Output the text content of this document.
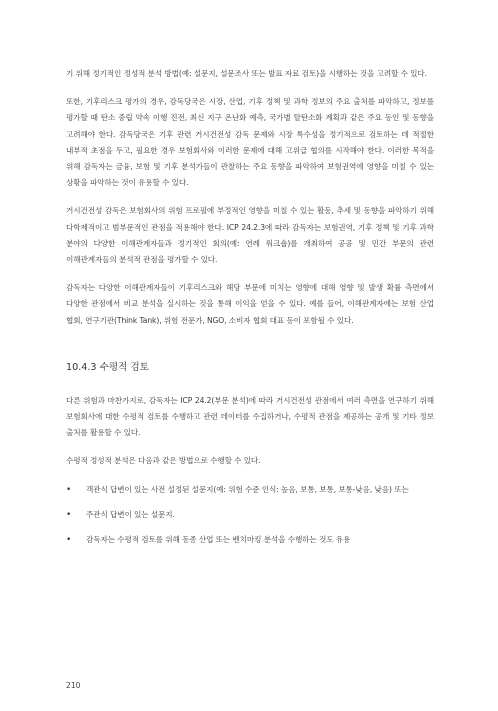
기 위해 정기적인 정성적 분석 방법(예: 설문지, 설문조사 또는 발표 자료 검토)을 시행하는 것을 고려할 수 있다.

또한, 기후리스크 평가의 경우, 감독당국은 시장, 산업, 기후 정책 및 과학 정보의 주요 출처를 파악하고, 정보를 평가할 때 탄소 중립 약속 이행 진전, 최신 지구 온난화 예측, 국가별 탈탄소화 계획과 같은 주요 동인 및 동향을 고려해야 한다. 감독당국은 기후 관련 거시건전성 감독 문제와 시장 특수성을 정기적으로 검토하는 데 적절한 내부적 초점을 두고, 필요한 경우 보험회사와 이러한 문제에 대해 고위급 협의를 시작해야 한다. 이러한 목적을 위해 감독자는 금융, 보험 및 기후 분석가들이 관찰하는 주요 동향을 파악하여 보험권역에 영향을 미칠 수 있는 상황을 파악하는 것이 유용할 수 있다.

거시건전성 감독은 보험회사의 위험 프로필에 부정적인 영향을 미칠 수 있는 활동, 추세 및 동향을 파악하기 위해 다학제적이고 범부문적인 관점을 적용해야 한다. ICP 24.2.3에 따라 감독자는 보험권역, 기후 정책 및 기후 과학 분야의 다양한 이해관계자들과 정기적인 회의(예: 연례 워크숍)를 개최하여 공공 및 민간 부문의 관련 이해관계자들의 분석적 관점을 평가할 수 있다.

감독자는 다양한 이해관계자들이 기후리스크와 해당 부문에 미치는 영향에 대해 영향 및 발생 확률 측면에서 다양한 관점에서 비교 분석을 실시하는 것을 통해 이익을 얻을 수 있다. 예를 들어, 이해관계자에는 보험 산업 협회, 연구기관(Think Tank), 위험 전문가, NGO, 소비자 협회 대표 등이 포함될 수 있다.

10.4.3 수평적 검토

다른 위험과 마찬가지로, 감독자는 ICP 24.2(부문 분석)에 따라 거시건전성 관점에서 여러 측면을 연구하기 위해 보험회사에 대한 수평적 검토를 수행하고 관련 데이터를 수집하거나, 수평적 관점을 제공하는 공개 및 기타 정보 출처를 활용할 수 있다.

수평적 정성적 분석은 다음과 같은 방법으로 수행할 수 있다.

• 객관식 답변이 있는 사전 설정된 설문지(예: 위험 수준 인식: 높음, 보통, 보통, 보통-낮음, 낮음) 또는
• 주관식 답변이 있는 설문지.
• 감독자는 수평적 검토를 위해 동종 산업 또는 벤치마킹 분석을 수행하는 것도 유용
210
